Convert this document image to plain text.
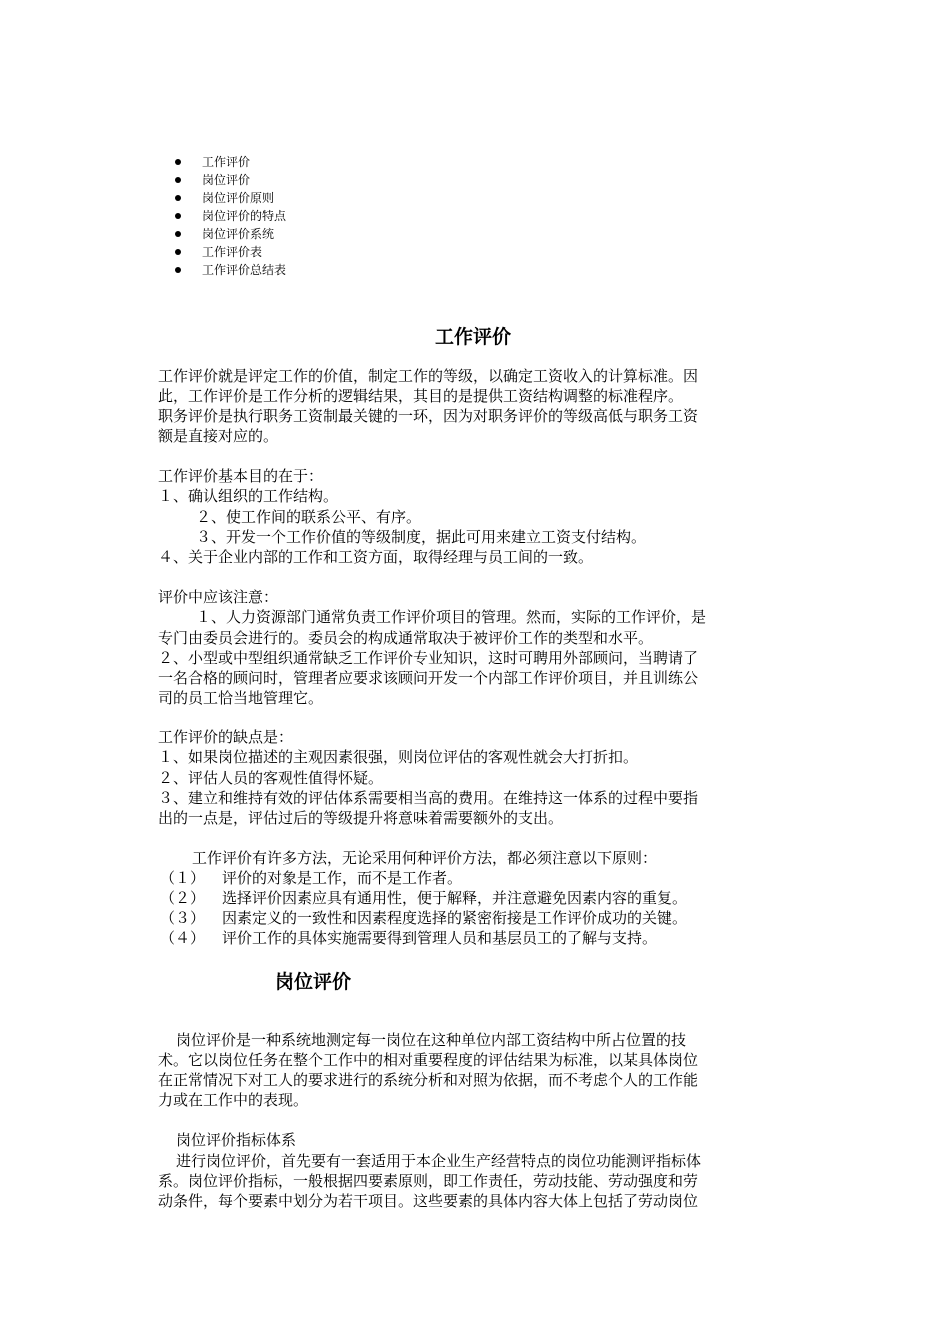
工作评价
岗位评价
岗位评价原则
岗位评价的特点
岗位评价系统
工作评价表
工作评价总结表
工作评价
工作评价就是评定工作的价值，制定工作的等级，以确定工资收入的计算标准。因
此，工作评价是工作分析的逻辑结果，其目的是提供工资结构调整的标准程序。
职务评价是执行职务工资制最关键的一环，因为对职务评价的等级高低与职务工资
额是直接对应的。
工作评价基本目的在于：
１、确认组织的工作结构。
２、使工作间的联系公平、有序。
３、开发一个工作价值的等级制度，据此可用来建立工资支付结构。
４、关于企业内部的工作和工资方面，取得经理与员工间的一致。
评价中应该注意：
１、人力资源部门通常负责工作评价项目的管理。然而，实际的工作评价，是
专门由委员会进行的。委员会的构成通常取决于被评价工作的类型和水平。
２、小型或中型组织通常缺乏工作评价专业知识，这时可聘用外部顾问，当聘请了
一名合格的顾问时，管理者应要求该顾问开发一个内部工作评价项目，并且训练公
司的员工恰当地管理它。
工作评价的缺点是：
１、如果岗位描述的主观因素很强，则岗位评估的客观性就会大打折扣。
２、评估人员的客观性值得怀疑。
３、建立和维持有效的评估体系需要相当高的费用。在维持这一体系的过程中要指
出的一点是，评估过后的等级提升将意味着需要额外的支出。
工作评价有许多方法，无论采用何种评价方法，都必须注意以下原则：
（１） 评价的对象是工作，而不是工作者。
（２） 选择评价因素应具有通用性，便于解释，并注意避免因素内容的重复。
（３） 因素定义的一致性和因素程度选择的紧密衔接是工作评价成功的关键。
（４） 评价工作的具体实施需要得到管理人员和基层员工的了解与支持。
岗位评价
岗位评价是一种系统地测定每一岗位在这种单位内部工资结构中所占位置的技
术。它以岗位任务在整个工作中的相对重要程度的评估结果为标准，以某具体岗位
在正常情况下对工人的要求进行的系统分析和对照为依据，而不考虑个人的工作能
力或在工作中的表现。
岗位评价指标体系
进行岗位评价，首先要有一套适用于本企业生产经营特点的岗位功能测评指标体
系。岗位评价指标，一般根据四要素原则，即工作责任，劳动技能、劳动强度和劳
动条件，每个要素中划分为若干项目。这些要素的具体内容大体上包括了劳动岗位
